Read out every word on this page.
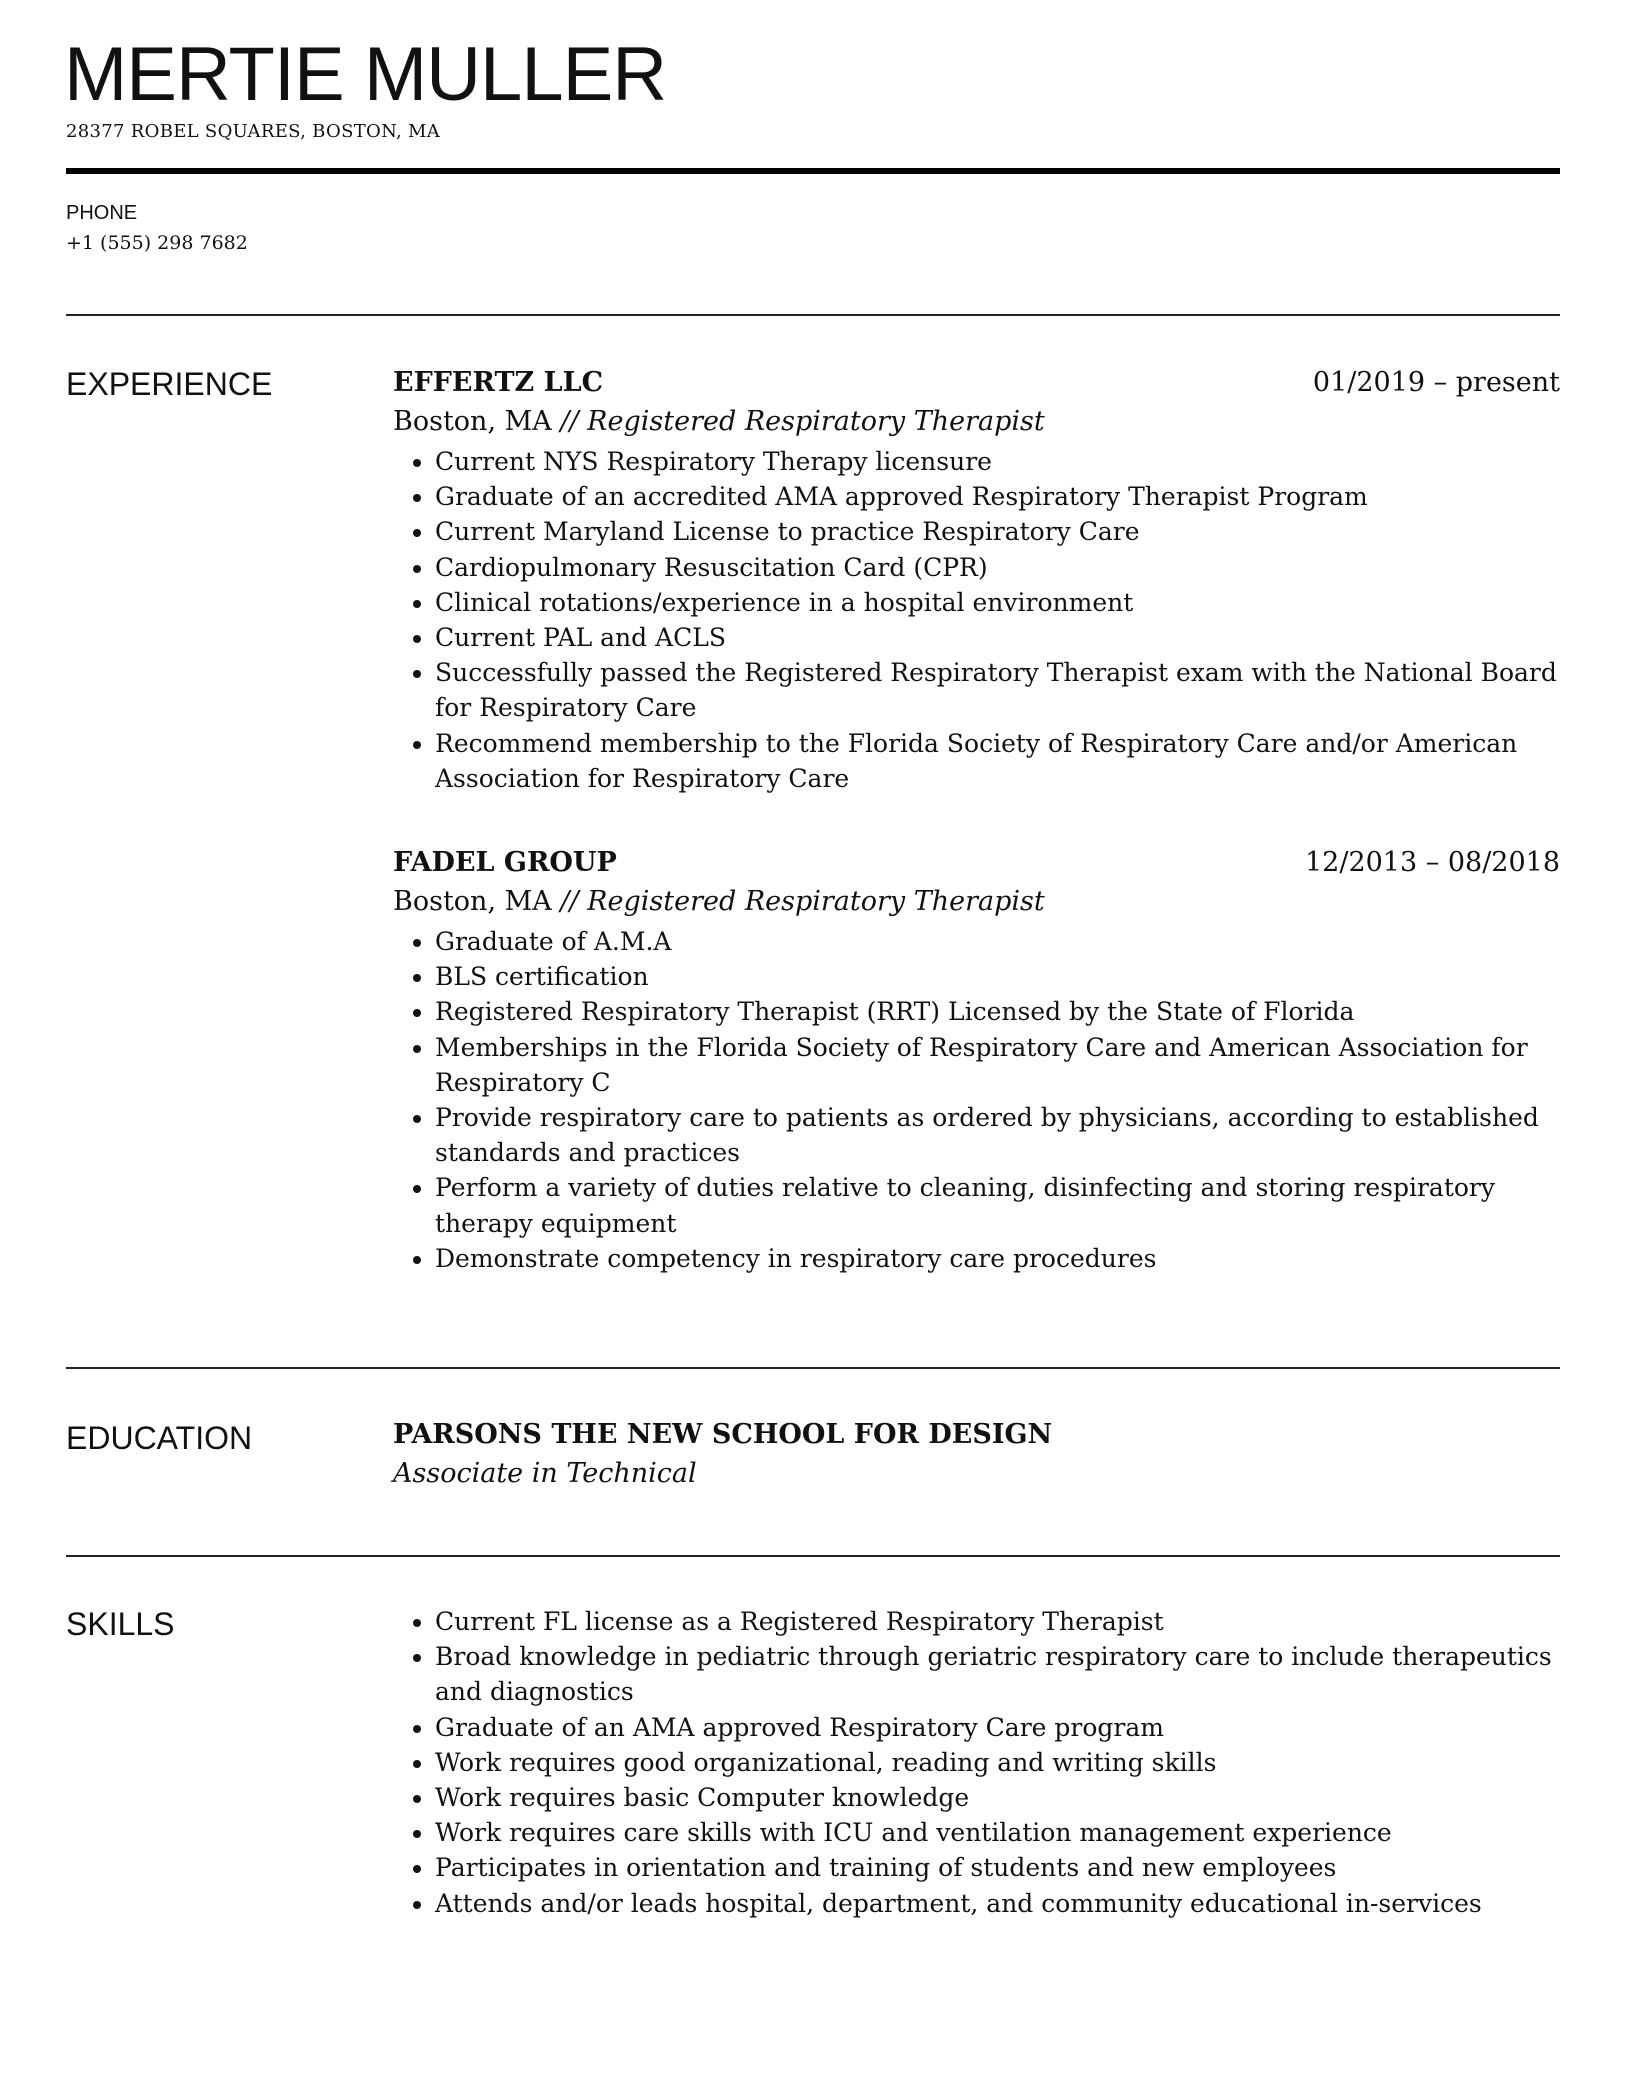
MERTIE MULLER
28377 ROBEL SQUARES, BOSTON, MA
PHONE
+1 (555) 298 7682
EXPERIENCE	EFFERTZ LLC	01/2019 – present
Boston, MA // Registered Respiratory Therapist
• Current NYS Respiratory Therapy licensure
• Graduate of an accredited AMA approved Respiratory Therapist Program
• Current Maryland License to practice Respiratory Care
• Cardiopulmonary Resuscitation Card (CPR)
• Clinical rotations/experience in a hospital environment
• Current PAL and ACLS
• Successfully passed the Registered Respiratory Therapist exam with the National Board for Respiratory Care
• Recommend membership to the Florida Society of Respiratory Care and/or American Association for Respiratory Care
FADEL GROUP	12/2013 – 08/2018
Boston, MA // Registered Respiratory Therapist
• Graduate of A.M.A
• BLS certification
• Registered Respiratory Therapist (RRT) Licensed by the State of Florida
• Memberships in the Florida Society of Respiratory Care and American Association for Respiratory C
• Provide respiratory care to patients as ordered by physicians, according to established standards and practices
• Perform a variety of duties relative to cleaning, disinfecting and storing respiratory therapy equipment
• Demonstrate competency in respiratory care procedures
EDUCATION	PARSONS THE NEW SCHOOL FOR DESIGN
Associate in Technical
SKILLS	• Current FL license as a Registered Respiratory Therapist
• Broad knowledge in pediatric through geriatric respiratory care to include therapeutics and diagnostics
• Graduate of an AMA approved Respiratory Care program
• Work requires good organizational, reading and writing skills
• Work requires basic Computer knowledge
• Work requires care skills with ICU and ventilation management experience
• Participates in orientation and training of students and new employees
• Attends and/or leads hospital, department, and community educational in-services
